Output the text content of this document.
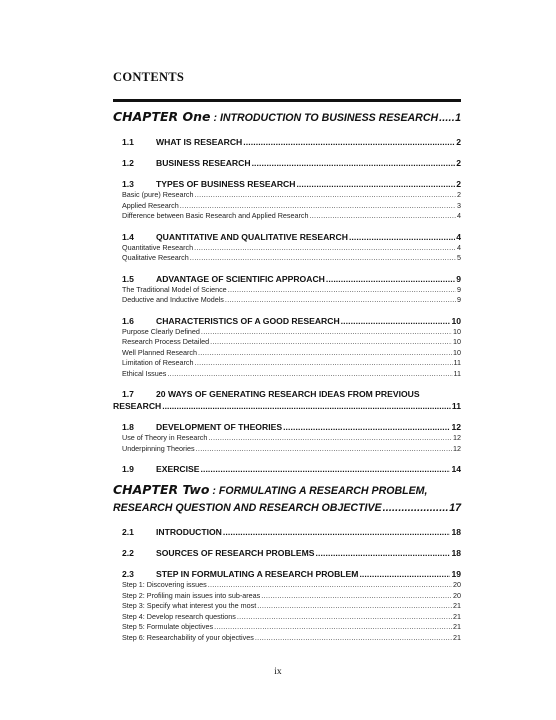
CONTENTS
CHAPTER One : INTRODUCTION TO BUSINESS RESEARCH ..... 1
1.1	WHAT IS RESEARCH .....	2
1.2	BUSINESS RESEARCH .....	2
1.3	TYPES OF BUSINESS RESEARCH .....	2
Basic (pure) Research .....	2
Applied Research .....	3
Difference between Basic Research and Applied Research .....	4
1.4	QUANTITATIVE AND QUALITATIVE RESEARCH .....	4
Quantitative Research .....	4
Qualitative Research .....	5
1.5	ADVANTAGE OF SCIENTIFIC APPROACH .....	9
The Traditional Model of Science .....	9
Deductive and Inductive Models .....	9
1.6	CHARACTERISTICS OF A GOOD RESEARCH .....	10
Purpose Clearly Defined .....	10
Research Process Detailed .....	10
Well Planned Research .....	10
Limitation of Research .....	11
Ethical Issues .....	11
1.7	20 WAYS OF GENERATING RESEARCH IDEAS FROM PREVIOUS
RESEARCH .....	11
1.8	DEVELOPMENT OF THEORIES .....	12
Use of Theory in Research .....	12
Underpinning Theories .....	12
1.9	EXERCISE .....	14
CHAPTER Two : FORMULATING A RESEARCH PROBLEM,
RESEARCH QUESTION AND RESEARCH OBJECTIVE .....	17
2.1	INTRODUCTION .....	18
2.2	SOURCES OF RESEARCH PROBLEMS .....	18
2.3	STEP IN FORMULATING A RESEARCH PROBLEM .....	19
Step 1: Discovering issues .....	20
Step 2: Profiling main issues into sub-areas .....	20
Step 3: Specify what interest you the most .....	21
Step 4: Develop research questions .....	21
Step 5: Formulate objectives .....	21
Step 6: Researchability of your objectives .....	21
ix
